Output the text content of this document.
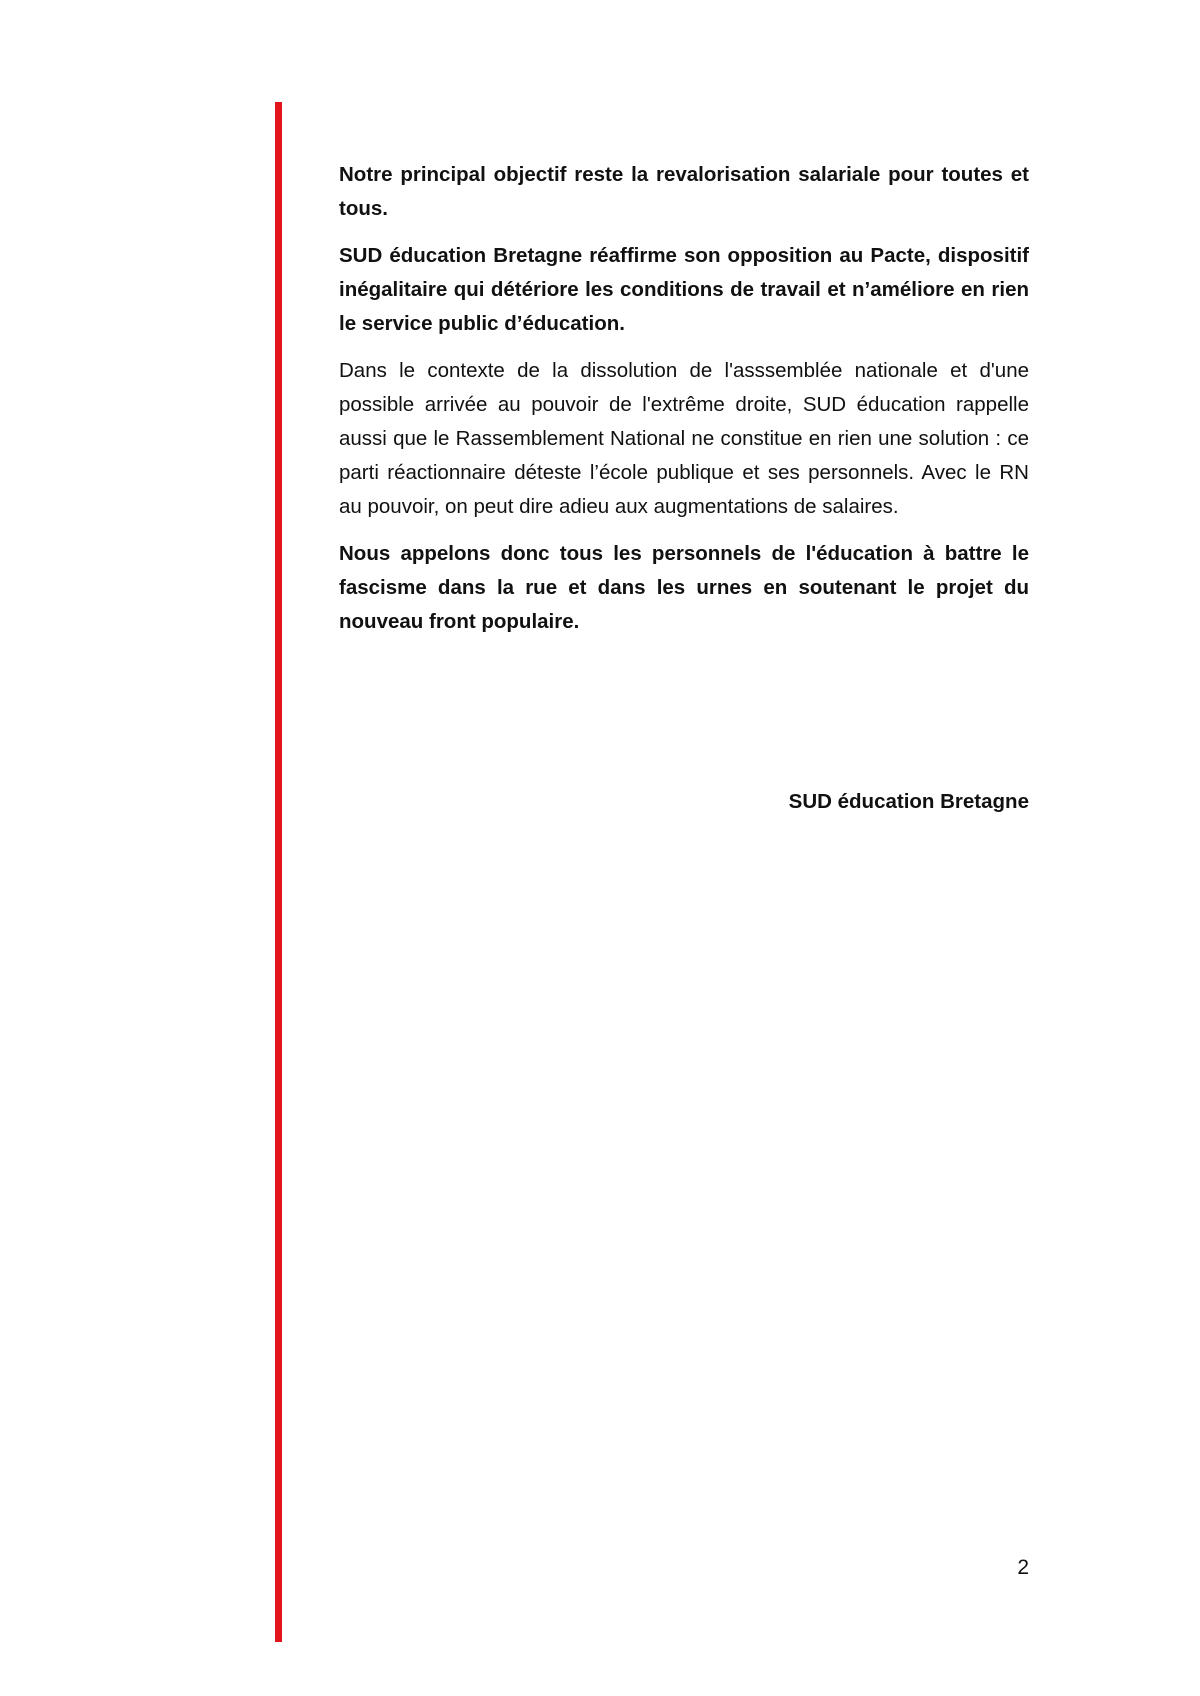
Notre principal objectif reste la revalorisation salariale pour toutes et tous.

SUD éducation Bretagne réaffirme son opposition au Pacte, dispositif inégalitaire qui détériore les conditions de travail et n’améliore en rien le service public d’éducation.

Dans le contexte de la dissolution de l'asssemblée nationale et d'une possible arrivée au pouvoir de l'extrême droite, SUD éducation rappelle aussi que le Rassemblement National ne constitue en rien une solution : ce parti réactionnaire déteste l’école publique et ses personnels. Avec le RN au pouvoir, on peut dire adieu aux augmentations de salaires.

Nous appelons donc tous les personnels de l'éducation à battre le fascisme dans la rue et dans les urnes en soutenant le projet du nouveau front populaire.

SUD éducation Bretagne
2
